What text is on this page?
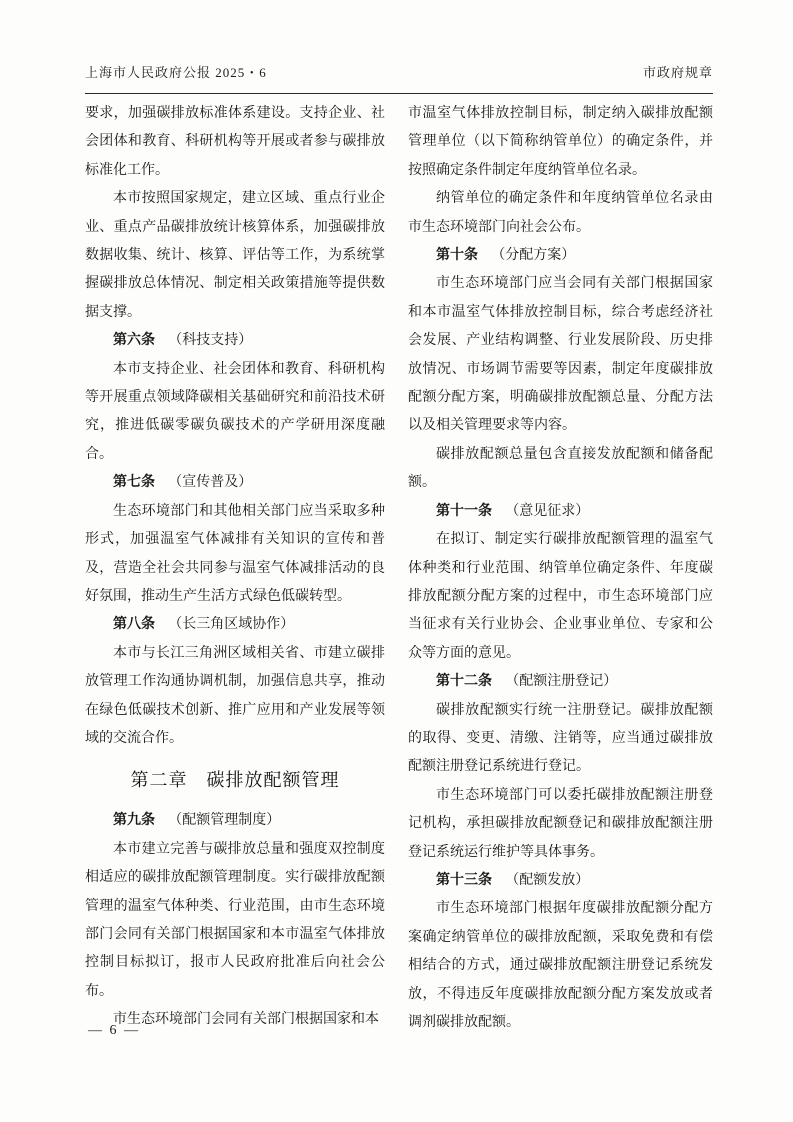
上海市人民政府公报 2025・6	市政府规章

要求，加强碳排放标准体系建设。支持企业、社会团体和教育、科研机构等开展或者参与碳排放标准化工作。

本市按照国家规定，建立区域、重点行业企业、重点产品碳排放统计核算体系，加强碳排放数据收集、统计、核算、评估等工作，为系统掌握碳排放总体情况、制定相关政策措施等提供数据支撑。

第六条 （科技支持）

本市支持企业、社会团体和教育、科研机构等开展重点领域降碳相关基础研究和前沿技术研究，推进低碳零碳负碳技术的产学研用深度融合。

第七条 （宣传普及）

生态环境部门和其他相关部门应当采取多种形式，加强温室气体减排有关知识的宣传和普及，营造全社会共同参与温室气体减排活动的良好氛围，推动生产生活方式绿色低碳转型。

第八条 （长三角区域协作）

本市与长江三角洲区域相关省、市建立碳排放管理工作沟通协调机制，加强信息共享，推动在绿色低碳技术创新、推广应用和产业发展等领域的交流合作。

第二章　碳排放配额管理

第九条 （配额管理制度）

本市建立完善与碳排放总量和强度双控制度相适应的碳排放配额管理制度。实行碳排放配额管理的温室气体种类、行业范围，由市生态环境部门会同有关部门根据国家和本市温室气体排放控制目标拟订，报市人民政府批准后向社会公布。

市生态环境部门会同有关部门根据国家和本

市温室气体排放控制目标，制定纳入碳排放配额管理单位（以下简称纳管单位）的确定条件，并按照确定条件制定年度纳管单位名录。

纳管单位的确定条件和年度纳管单位名录由市生态环境部门向社会公布。

第十条 （分配方案）

市生态环境部门应当会同有关部门根据国家和本市温室气体排放控制目标，综合考虑经济社会发展、产业结构调整、行业发展阶段、历史排放情况、市场调节需要等因素，制定年度碳排放配额分配方案，明确碳排放配额总量、分配方法以及相关管理要求等内容。

碳排放配额总量包含直接发放配额和储备配额。

第十一条 （意见征求）

在拟订、制定实行碳排放配额管理的温室气体种类和行业范围、纳管单位确定条件、年度碳排放配额分配方案的过程中，市生态环境部门应当征求有关行业协会、企业事业单位、专家和公众等方面的意见。

第十二条 （配额注册登记）

碳排放配额实行统一注册登记。碳排放配额的取得、变更、清缴、注销等，应当通过碳排放配额注册登记系统进行登记。

市生态环境部门可以委托碳排放配额注册登记机构，承担碳排放配额登记和碳排放配额注册登记系统运行维护等具体事务。

第十三条 （配额发放）

市生态环境部门根据年度碳排放配额分配方案确定纳管单位的碳排放配额，采取免费和有偿相结合的方式，通过碳排放配额注册登记系统发放，不得违反年度碳排放配额分配方案发放或者调剂碳排放配额。

— 6 —
